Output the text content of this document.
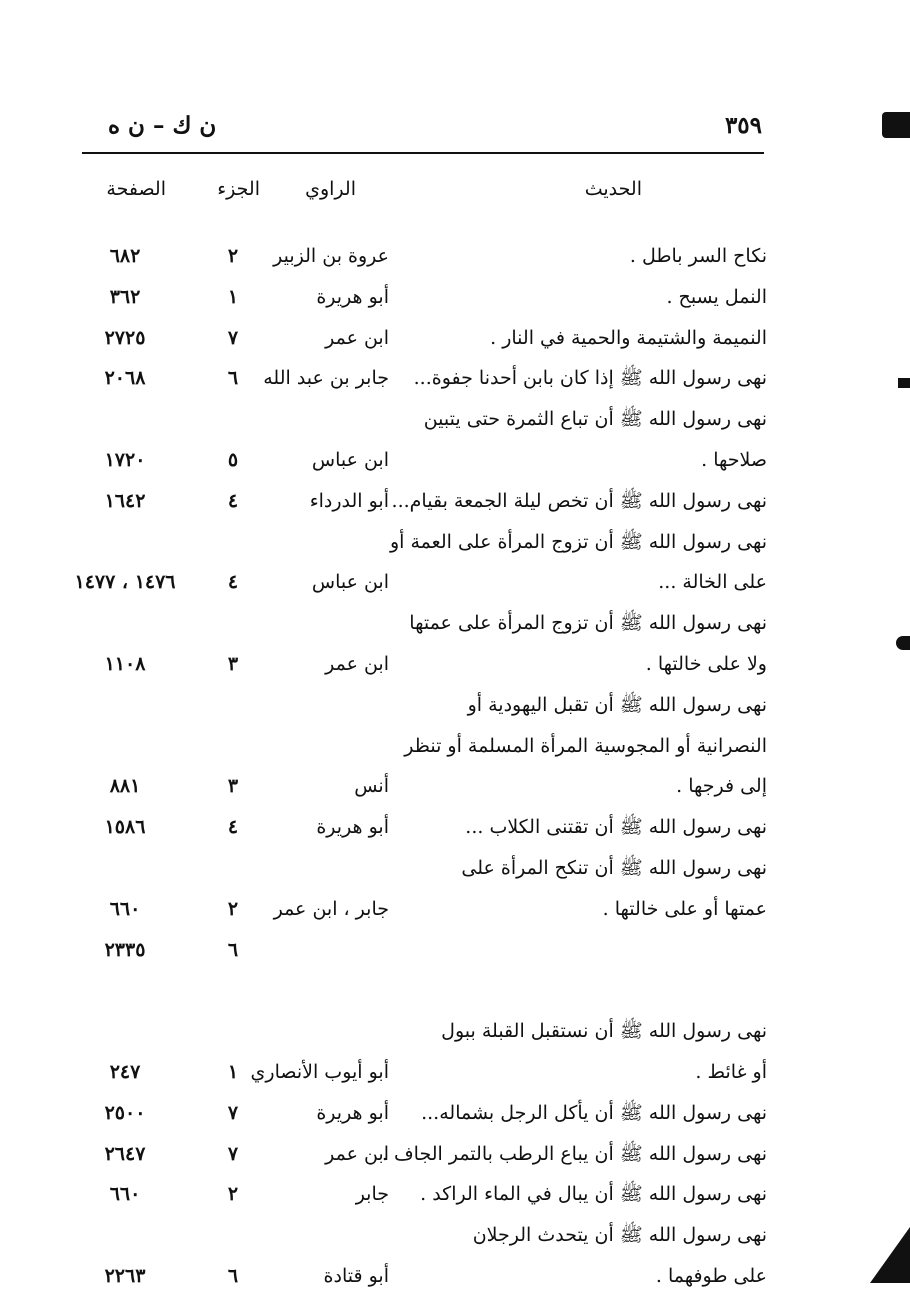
٣٥٩
ن ك – ن ه
الحديث
الراوي
الجزء
الصفحة
نكاح السر باطل .
عروة بن الزبير
٢
٦٨٢
النمل يسبح .
أبو هريرة
١
٣٦٢
النميمة والشتيمة والحمية في النار .
ابن عمر
٧
٢٧٢٥
نهى رسول الله ﷺ إذا كان بابن أحدنا جفوة...
جابر بن عبد الله
٦
٢٠٦٨
نهى رسول الله ﷺ أن تباع الثمرة حتى يتبين
صلاحها .
ابن عباس
٥
١٧٢٠
نهى رسول الله ﷺ أن تخص ليلة الجمعة بقيام...
أبو الدرداء
٤
١٦٤٢
نهى رسول الله ﷺ أن تزوج المرأة على العمة أو
على الخالة ...
ابن عباس
٤
١٤٧٦ ، ١٤٧٧
نهى رسول الله ﷺ أن تزوج المرأة على عمتها
ولا على خالتها .
ابن عمر
٣
١١٠٨
نهى رسول الله ﷺ أن تقبل اليهودية أو
النصرانية أو المجوسية المرأة المسلمة أو تنظر
إلى فرجها .
أنس
٣
٨٨١
نهى رسول الله ﷺ أن تقتنى الكلاب ...
أبو هريرة
٤
١٥٨٦
نهى رسول الله ﷺ أن تنكح المرأة على
عمتها أو على خالتها .
جابر ، ابن عمر
٢
٦٦٠
٦
٢٣٣٥
نهى رسول الله ﷺ أن نستقبل القبلة ببول
أو غائط .
أبو أيوب الأنصاري
١
٢٤٧
نهى رسول الله ﷺ أن يأكل الرجل بشماله...
أبو هريرة
٧
٢٥٠٠
نهى رسول الله ﷺ أن يباع الرطب بالتمر الجاف .
ابن عمر
٧
٢٦٤٧
نهى رسول الله ﷺ أن يبال في الماء الراكد .
جابر
٢
٦٦٠
نهى رسول الله ﷺ أن يتحدث الرجلان
على طوفهما .
أبو قتادة
٦
٢٢٦٣
